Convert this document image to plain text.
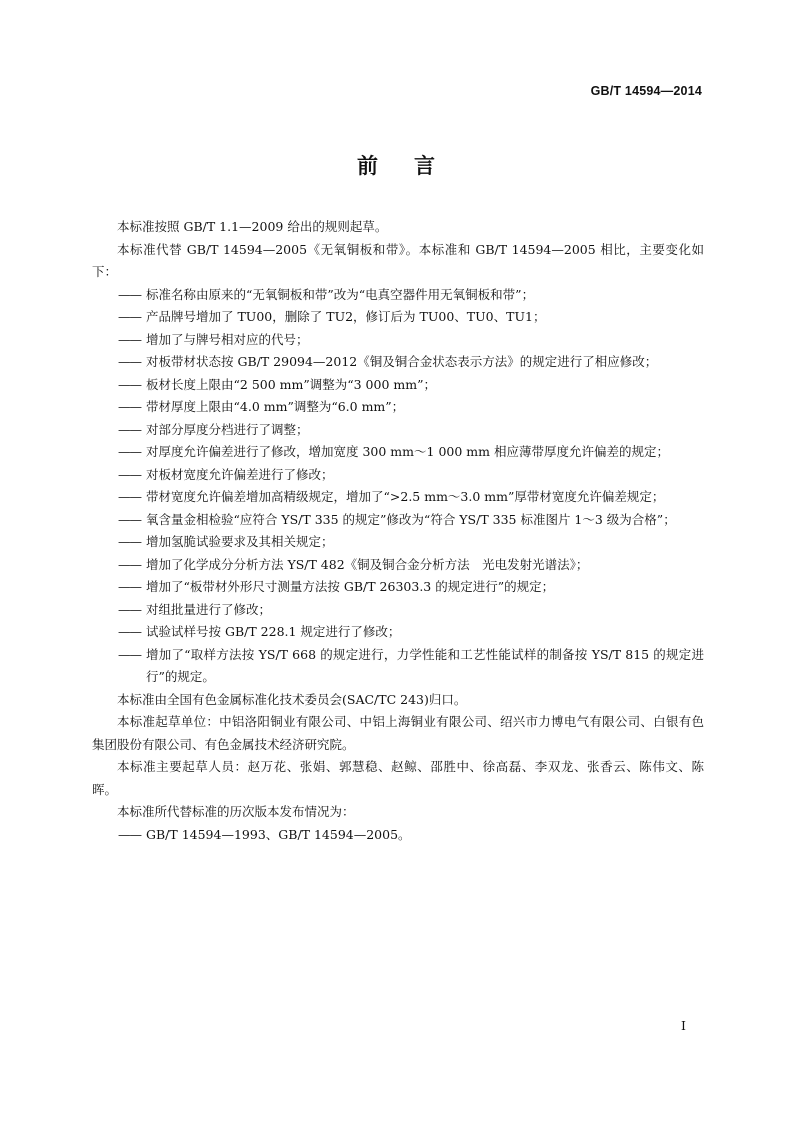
GB/T 14594—2014
前 言

本标准按照 GB/T 1.1—2009 给出的规则起草。

本标准代替 GB/T 14594—2005《无氧铜板和带》。本标准和 GB/T 14594—2005 相比，主要变化如下：

—— 标准名称由原来的“无氧铜板和带”改为“电真空器件用无氧铜板和带”；

—— 产品牌号增加了 TU00，删除了 TU2，修订后为 TU00、TU0、TU1；

—— 增加了与牌号相对应的代号；

—— 对板带材状态按 GB/T 29094—2012《铜及铜合金状态表示方法》的规定进行了相应修改；

—— 板材长度上限由“2 500 mm”调整为“3 000 mm”；

—— 带材厚度上限由“4.0 mm”调整为“6.0 mm”；

—— 对部分厚度分档进行了调整；

—— 对厚度允许偏差进行了修改，增加宽度 300 mm～1 000 mm 相应薄带厚度允许偏差的规定；

—— 对板材宽度允许偏差进行了修改；

—— 带材宽度允许偏差增加高精级规定，增加了“>2.5 mm～3.0 mm”厚带材宽度允许偏差规定；

—— 氧含量金相检验“应符合 YS/T 335 的规定”修改为“符合 YS/T 335 标准图片 1～3 级为合格”；

—— 增加氢脆试验要求及其相关规定；

—— 增加了化学成分分析方法 YS/T 482《铜及铜合金分析方法　光电发射光谱法》；

—— 增加了“板带材外形尺寸测量方法按 GB/T 26303.3 的规定进行”的规定；

—— 对组批量进行了修改；

—— 试验试样号按 GB/T 228.1 规定进行了修改；

—— 增加了“取样方法按 YS/T 668 的规定进行，力学性能和工艺性能试样的制备按 YS/T 815 的规定进行”的规定。

本标准由全国有色金属标准化技术委员会(SAC/TC 243)归口。

本标准起草单位：中铝洛阳铜业有限公司、中铝上海铜业有限公司、绍兴市力博电气有限公司、白银有色集团股份有限公司、有色金属技术经济研究院。

本标准主要起草人员：赵万花、张娟、郭慧稳、赵鲸、邵胜中、徐高磊、李双龙、张香云、陈伟文、陈晖。

本标准所代替标准的历次版本发布情况为：

—— GB/T 14594—1993、GB/T 14594—2005。

I
